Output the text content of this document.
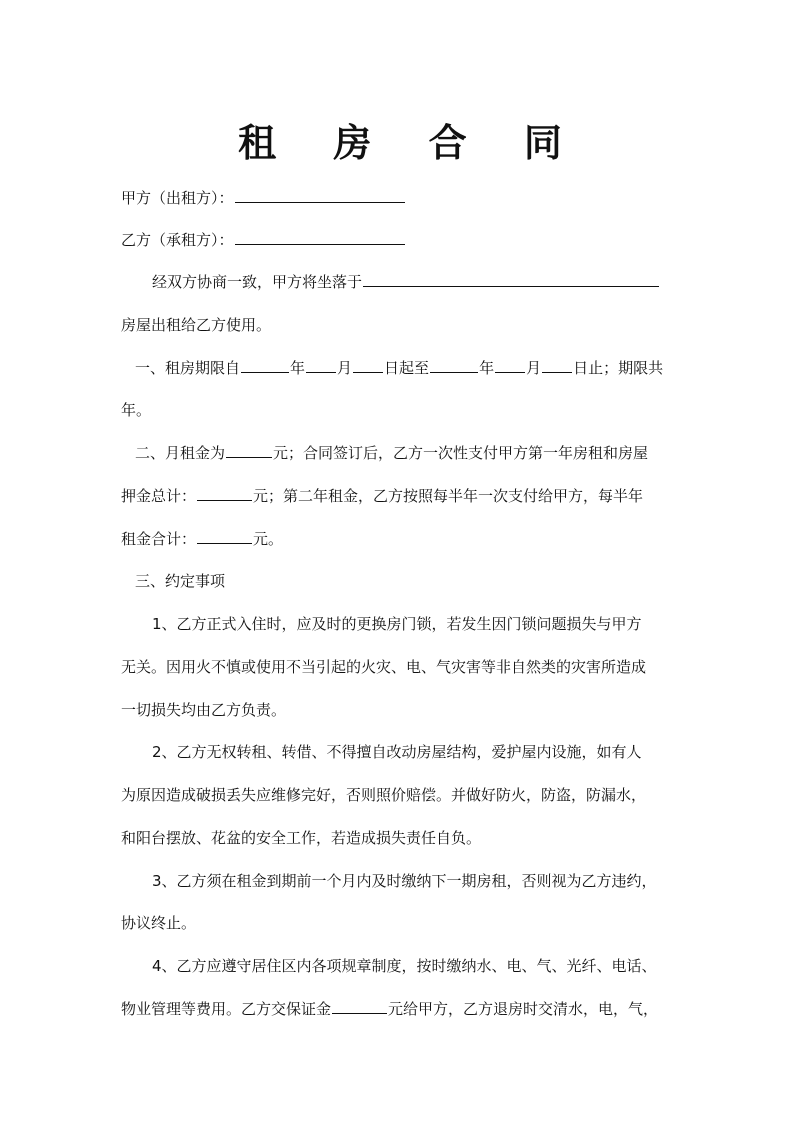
租 房 合 同
甲方（出租方）：
乙方（承租方）：
经双方协商一致，甲方将坐落于
房屋出租给乙方使用。
一、租房期限自	年 月 日起至	年 月 日止；期限共
年。
二、月租金为	元；合同签订后，乙方一次性支付甲方第一年房租和房屋
押金总计：	元；第二年租金，乙方按照每半年一次支付给甲方，每半年
租金合计：	元。
三、约定事项
1、乙方正式入住时，应及时的更换房门锁，若发生因门锁问题损失与甲方
无关。因用火不慎或使用不当引起的火灾、电、气灾害等非自然类的灾害所造成
一切损失均由乙方负责。
2、乙方无权转租、转借、不得擅自改动房屋结构，爱护屋内设施，如有人
为原因造成破损丢失应维修完好，否则照价赔偿。并做好防火，防盗，防漏水，
和阳台摆放、花盆的安全工作，若造成损失责任自负。
3、乙方须在租金到期前一个月内及时缴纳下一期房租，否则视为乙方违约，
协议终止。
4、乙方应遵守居住区内各项规章制度，按时缴纳水、电、气、光纤、电话、
物业管理等费用。乙方交保证金	元给甲方，乙方退房时交清水，电，气，
